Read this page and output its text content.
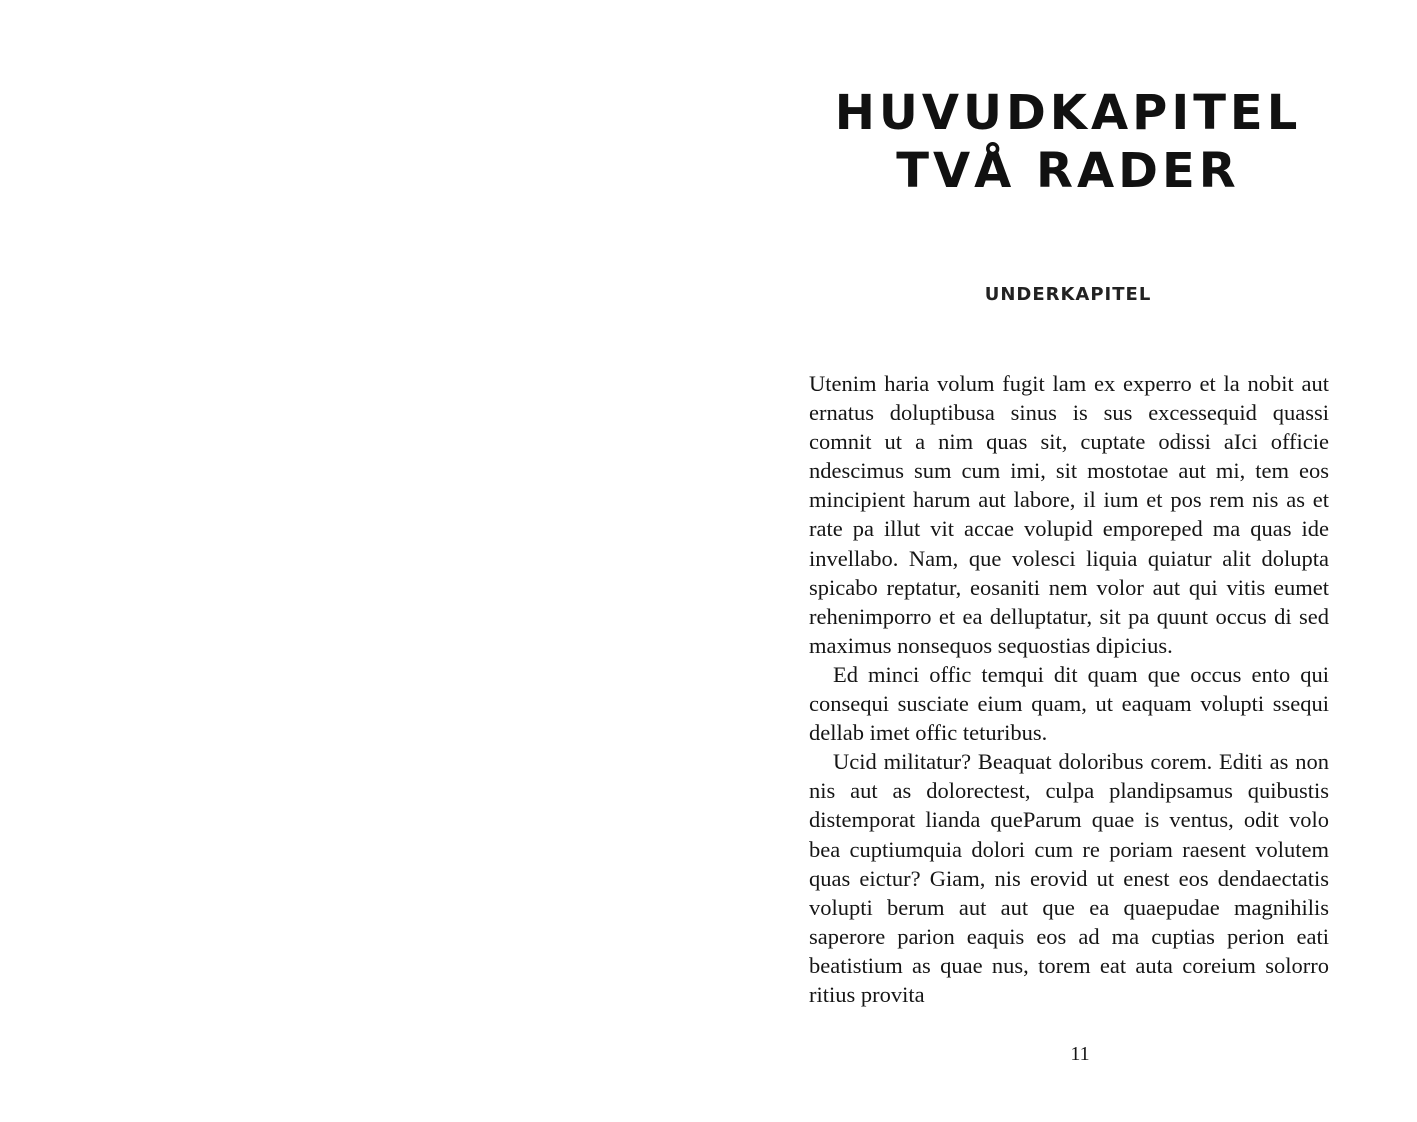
HUVUDKAPITEL
TVÅ RADER
UNDERKAPITEL

Utenim haria volum fugit lam ex experro et la nobit aut ernatus doluptibusa sinus is sus excessequid quassi comnit ut a nim quas sit, cuptate odissi aIci officie ndescimus sum cum imi, sit mostotae aut mi, tem eos mincipient harum aut labore, il ium et pos rem nis as et rate pa illut vit accae volupid emporeped ma quas ide invellabo. Nam, que volesci liquia quiatur alit dolupta spicabo reptatur, eosaniti nem volor aut qui vitis eumet rehenimporro et ea delluptatur, sit pa quunt occus di sed maximus nonsequos sequostias dipicius.

Ed minci offic temqui dit quam que occus ento qui consequi susciate eium quam, ut eaquam volupti ssequi dellab imet offic teturibus.

Ucid militatur? Beaquat doloribus corem. Editi as non nis aut as dolorectest, culpa plandipsamus quibustis distemporat lianda queParum quae is ventus, odit volo bea cuptiumquia dolori cum re poriam raesent volutem quas eictur? Giam, nis erovid ut enest eos dendaectatis volupti berum aut aut que ea quaepudae magnihilis saperore parion eaquis eos ad ma cuptias perion eati beatistium as quae nus, torem eat auta coreium solorro ritius provita

11
